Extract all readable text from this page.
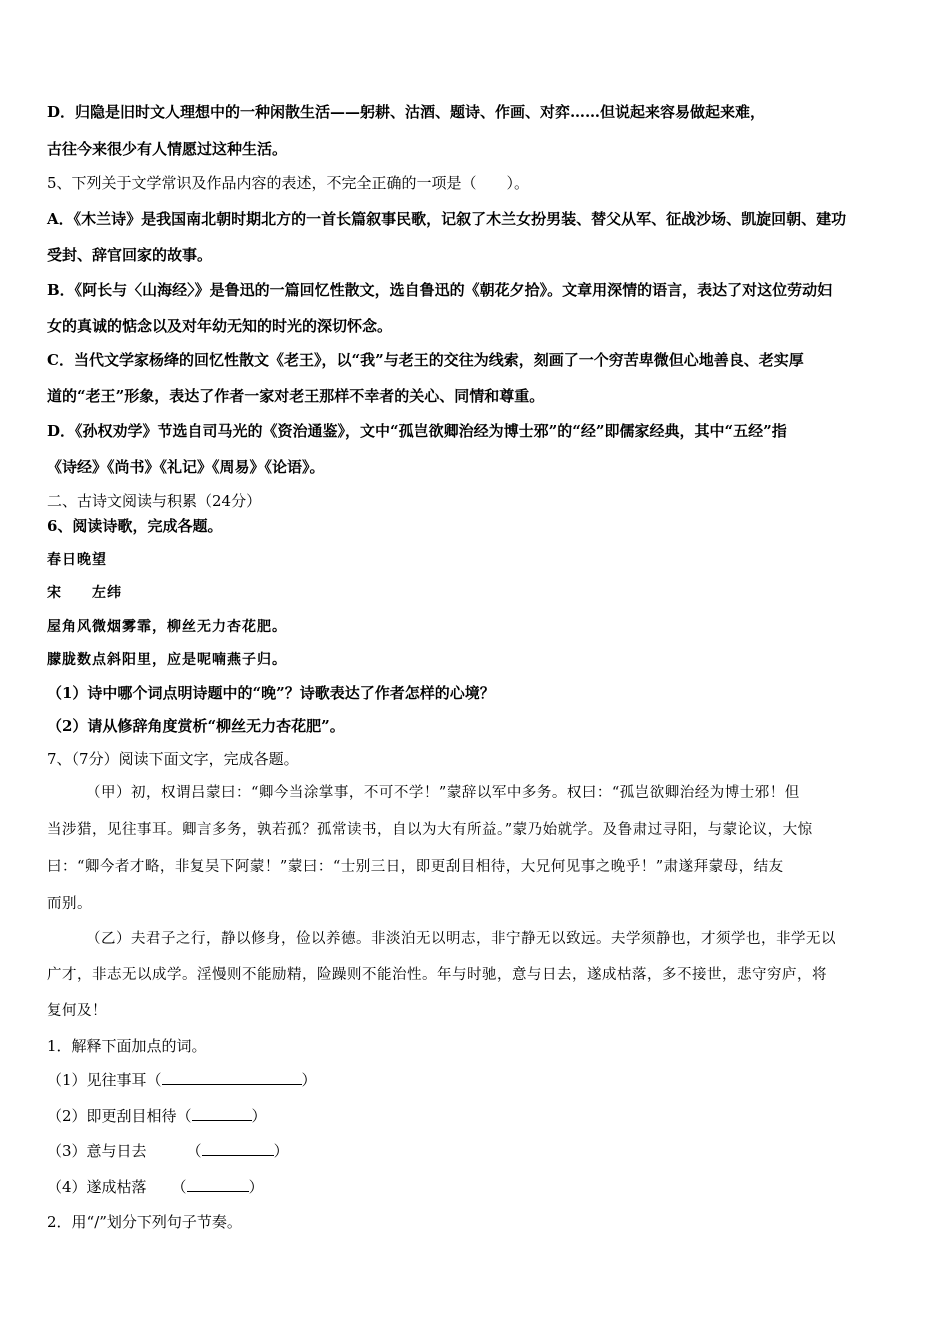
D．归隐是旧时文人理想中的一种闲散生活——躬耕、沽酒、题诗、作画、对弈……但说起来容易做起来难，
古往今来很少有人情愿过这种生活。
5、下列关于文学常识及作品内容的表述，不完全正确的一项是（　　）。
A．《木兰诗》是我国南北朝时期北方的一首长篇叙事民歌，记叙了木兰女扮男装、替父从军、征战沙场、凯旋回朝、建功
受封、辞官回家的故事。
B．《阿长与〈山海经〉》是鲁迅的一篇回忆性散文，选自鲁迅的《朝花夕拾》。文章用深情的语言，表达了对这位劳动妇
女的真诚的惦念以及对年幼无知的时光的深切怀念。
C．当代文学家杨绛的回忆性散文《老王》，以“我”与老王的交往为线索，刻画了一个穷苦卑微但心地善良、老实厚
道的“老王”形象，表达了作者一家对老王那样不幸者的关心、同情和尊重。
D．《孙权劝学》节选自司马光的《资治通鉴》，文中“孤岂欲卿治经为博士邪”的“经”即儒家经典，其中“五经”指
《诗经》《尚书》《礼记》《周易》《论语》。
二、古诗文阅读与积累（24分）
6、阅读诗歌，完成各题。
春日晚望
宋　　左纬
屋角风微烟雾霏，柳丝无力杏花肥。
朦胧数点斜阳里，应是呢喃燕子归。
（1）诗中哪个词点明诗题中的“晚”？诗歌表达了作者怎样的心境？
（2）请从修辞角度赏析“柳丝无力杏花肥”。
7、（7分）阅读下面文字，完成各题。
（甲）初，权谓吕蒙曰：“卿今当涂掌事，不可不学！”蒙辞以军中多务。权曰：“孤岂欲卿治经为博士邪！但
当涉猎，见往事耳。卿言多务，孰若孤？孤常读书，自以为大有所益。”蒙乃始就学。及鲁肃过寻阳，与蒙论议，大惊
曰：“卿今者才略，非复吴下阿蒙！”蒙曰：“士别三日，即更刮目相待，大兄何见事之晚乎！”肃遂拜蒙母，结友
而别。
（乙）夫君子之行，静以修身，俭以养德。非淡泊无以明志，非宁静无以致远。夫学须静也，才须学也，非学无以
广才，非志无以成学。淫慢则不能励精，险躁则不能治性。年与时驰，意与日去，遂成枯落，多不接世，悲守穷庐，将
复何及！
1．解释下面加点的词。
（1）见往事耳（	）
（2）即更刮目相待（	）
（3）意与日去	（	）
（4）遂成枯落 （	）
2．用“/”划分下列句子节奏。
